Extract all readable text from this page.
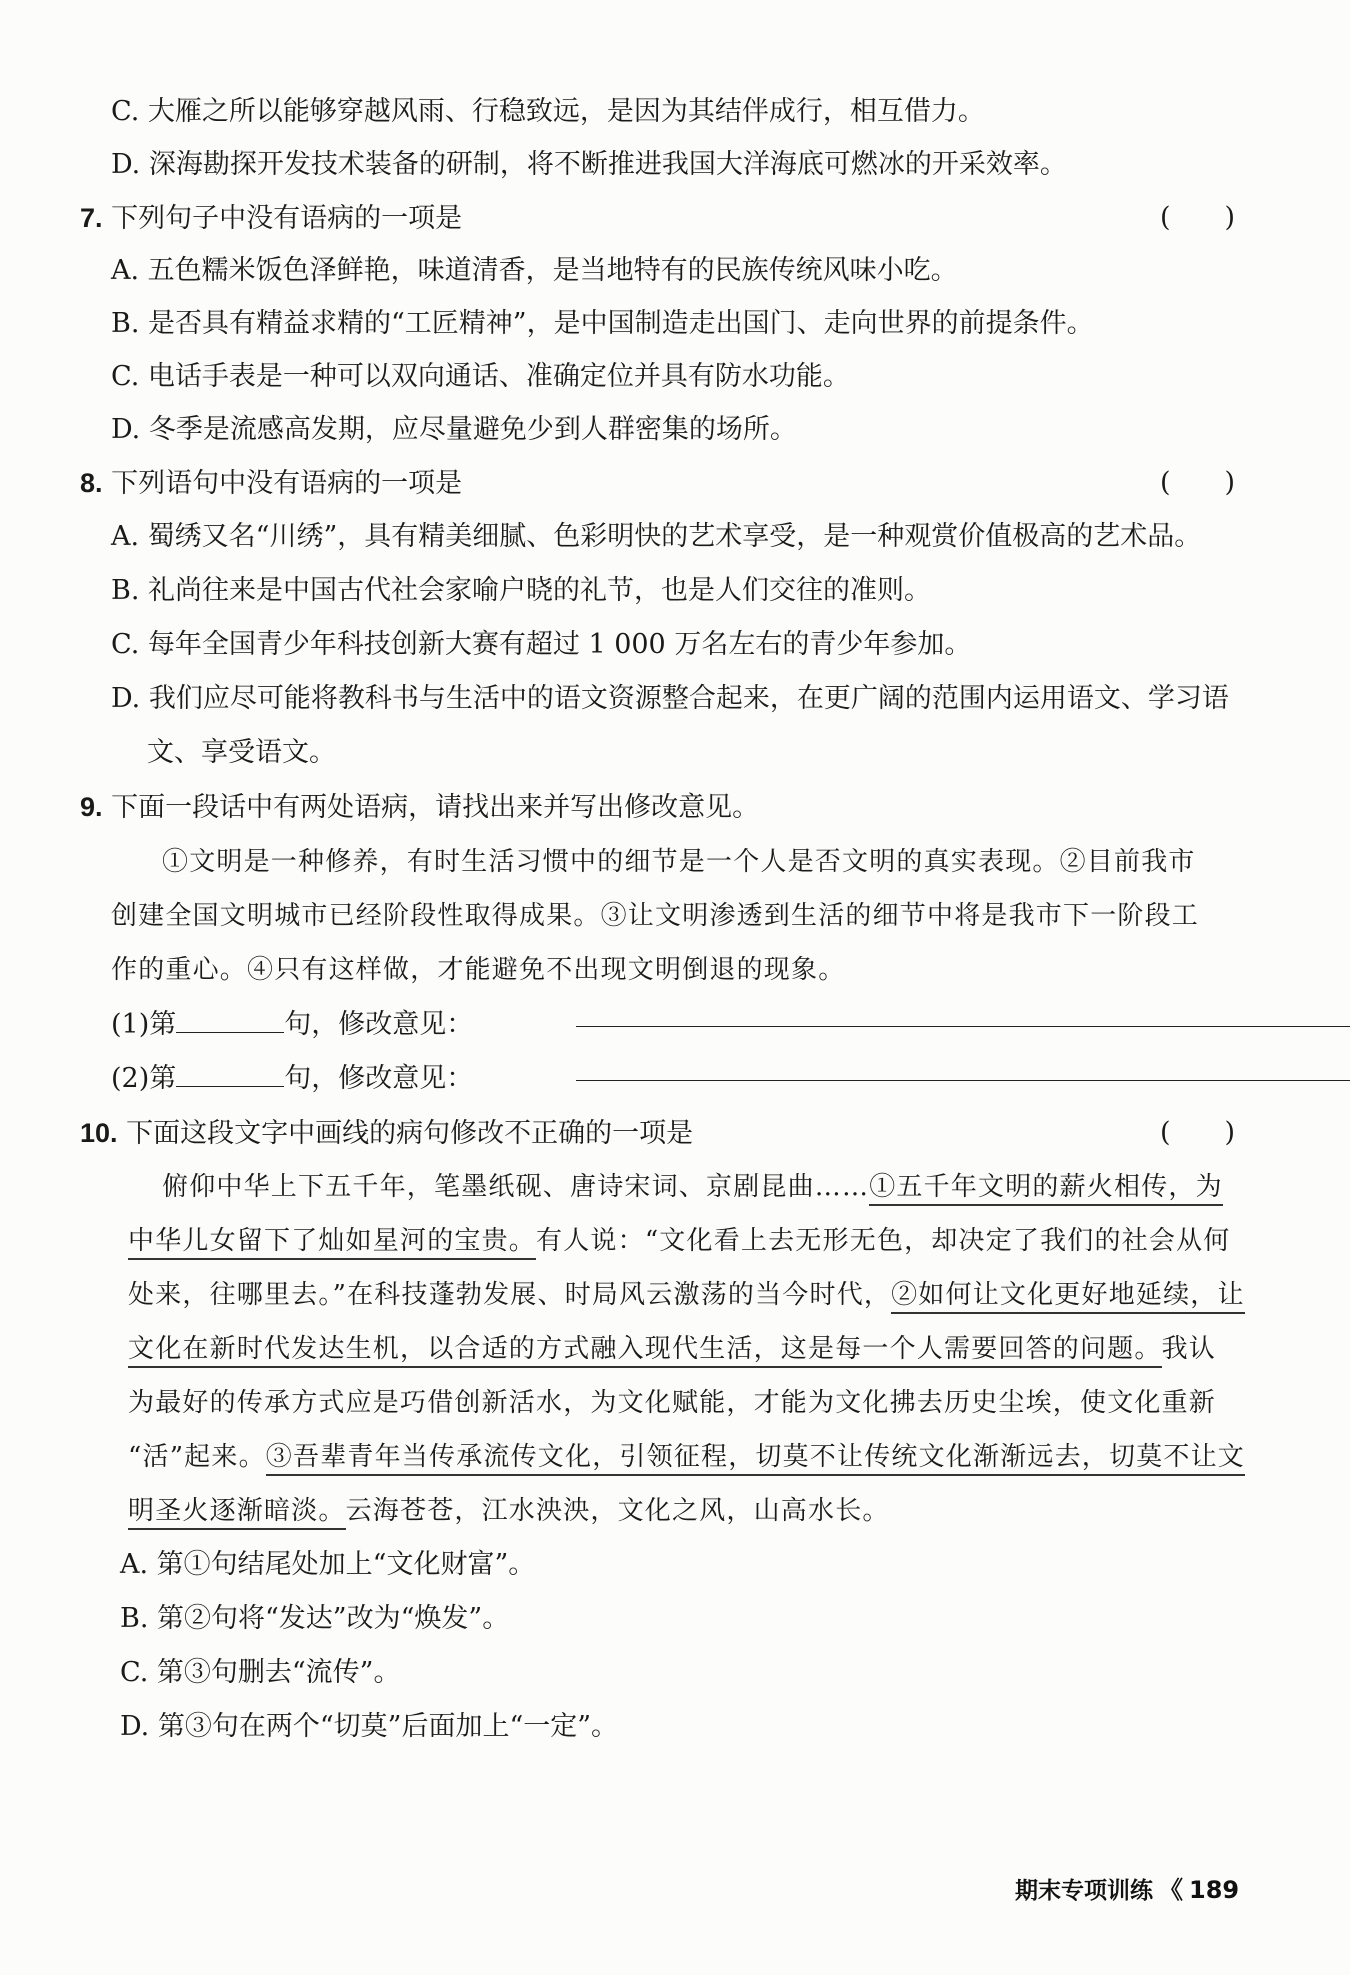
C. 大雁之所以能够穿越风雨、行稳致远，是因为其结伴成行，相互借力。
D. 深海勘探开发技术装备的研制，将不断推进我国大洋海底可燃冰的开采效率。
7. 下列句子中没有语病的一项是	(　　)
A. 五色糯米饭色泽鲜艳，味道清香，是当地特有的民族传统风味小吃。
B. 是否具有精益求精的“工匠精神”，是中国制造走出国门、走向世界的前提条件。
C. 电话手表是一种可以双向通话、准确定位并具有防水功能。
D. 冬季是流感高发期，应尽量避免少到人群密集的场所。
8. 下列语句中没有语病的一项是	(　　)
A. 蜀绣又名“川绣”，具有精美细腻、色彩明快的艺术享受，是一种观赏价值极高的艺术品。
B. 礼尚往来是中国古代社会家喻户晓的礼节，也是人们交往的准则。
C. 每年全国青少年科技创新大赛有超过 1 000 万名左右的青少年参加。
D. 我们应尽可能将教科书与生活中的语文资源整合起来，在更广阔的范围内运用语文、学习语
文、享受语文。
9. 下面一段话中有两处语病，请找出来并写出修改意见。
①文明是一种修养，有时生活习惯中的细节是一个人是否文明的真实表现。②目前我市
创建全国文明城市已经阶段性取得成果。③让文明渗透到生活的细节中将是我市下一阶段工
作的重心。④只有这样做，才能避免不出现文明倒退的现象。
(1)第	句，修改意见：
(2)第	句，修改意见：
10. 下面这段文字中画线的病句修改不正确的一项是	(　　)
俯仰中华上下五千年，笔墨纸砚、唐诗宋词、京剧昆曲……①五千年文明的薪火相传，为
中华儿女留下了灿如星河的宝贵。有人说：“文化看上去无形无色，却决定了我们的社会从何
处来，往哪里去。”在科技蓬勃发展、时局风云激荡的当今时代，②如何让文化更好地延续，让
文化在新时代发达生机，以合适的方式融入现代生活，这是每一个人需要回答的问题。我认
为最好的传承方式应是巧借创新活水，为文化赋能，才能为文化拂去历史尘埃，使文化重新
“活”起来。③吾辈青年当传承流传文化，引领征程，切莫不让传统文化渐渐远去，切莫不让文
明圣火逐渐暗淡。云海苍苍，江水泱泱，文化之风，山高水长。
A. 第①句结尾处加上“文化财富”。
B. 第②句将“发达”改为“焕发”。
C. 第③句删去“流传”。
D. 第③句在两个“切莫”后面加上“一定”。
期末专项训练 《 189
